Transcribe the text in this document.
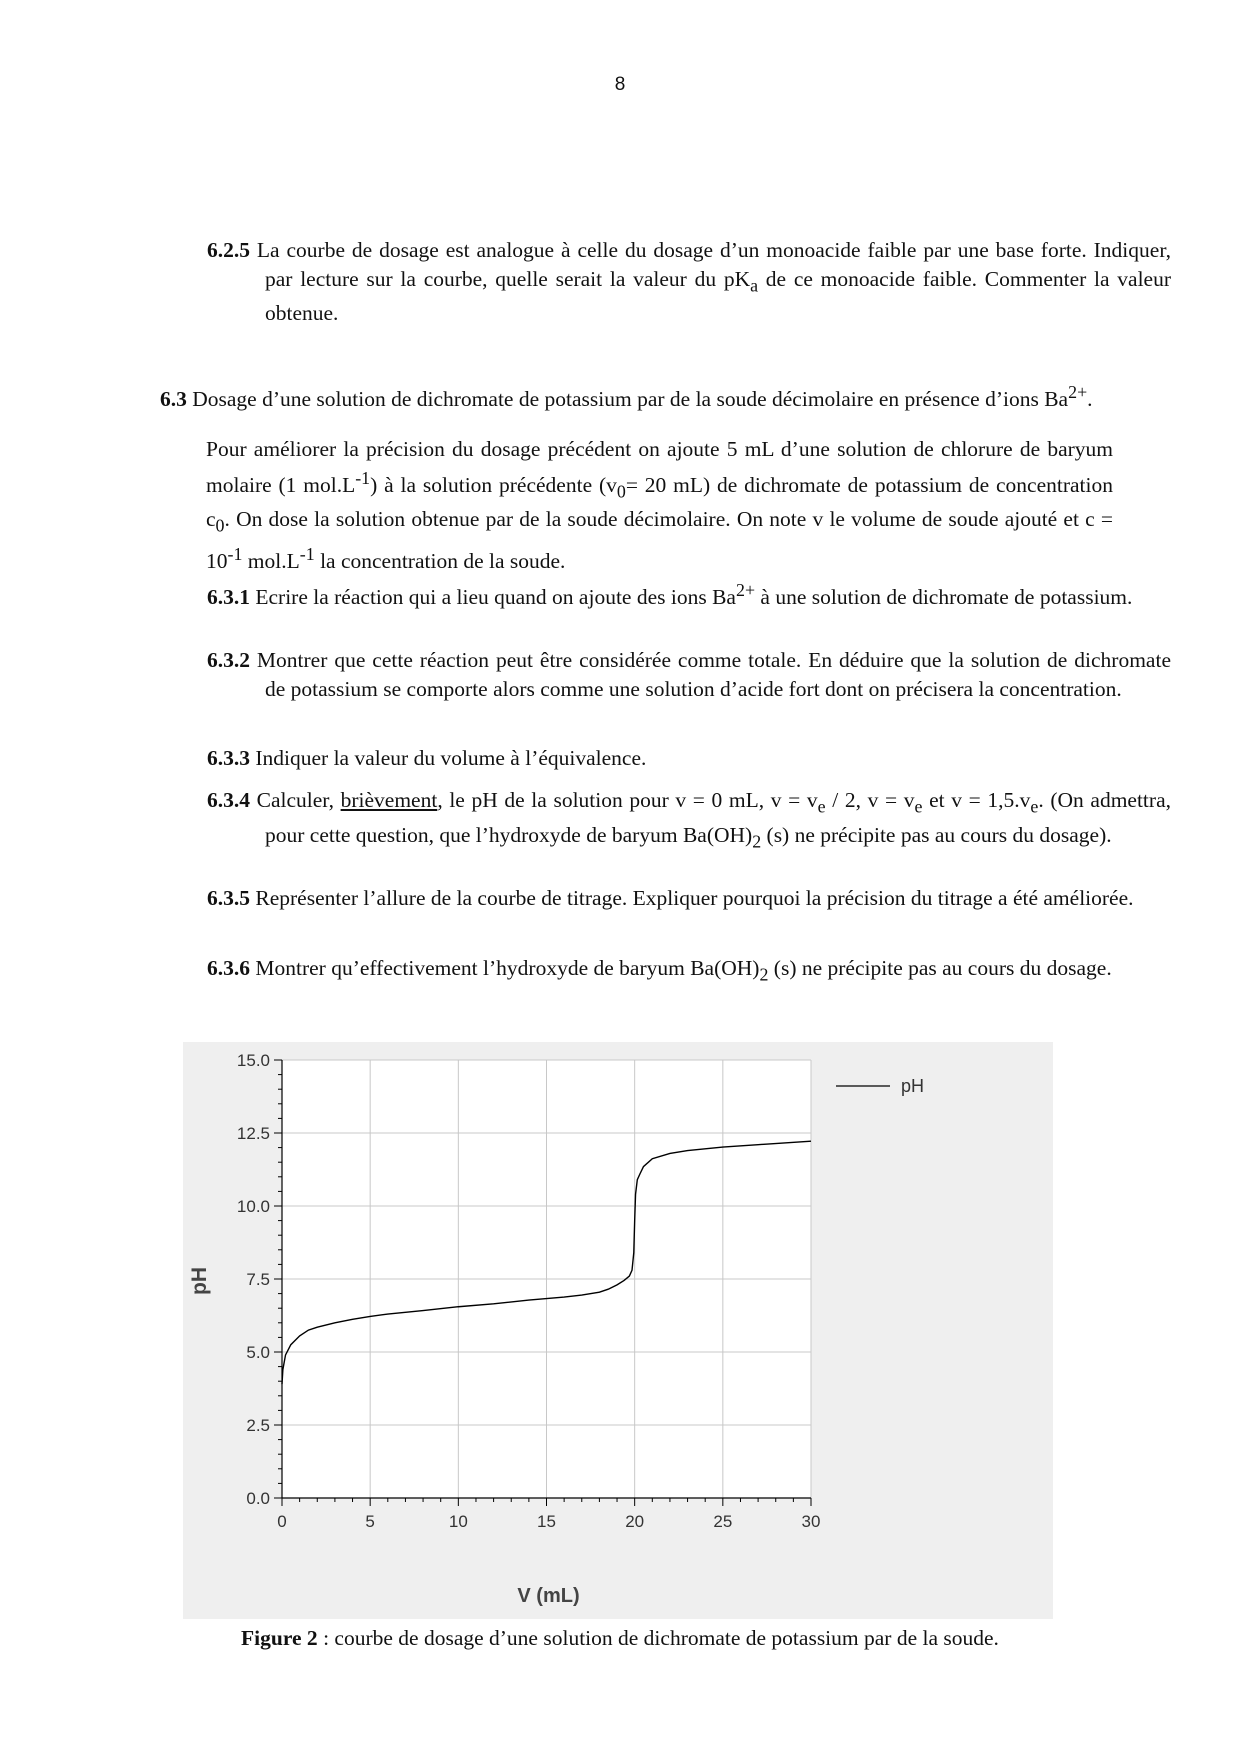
8

6.2.5 La courbe de dosage est analogue à celle du dosage d’un monoacide faible par une base forte. Indiquer, par lecture sur la courbe, quelle serait la valeur du $pK_a$ de ce monoacide faible. Commenter la valeur obtenue.

6.3 Dosage d’une solution de dichromate de potassium par de la soude décimolaire en présence d’ions $Ba^{2+}$.

Pour améliorer la précision du dosage précédent on ajoute 5 mL d’une solution de chlorure de baryum molaire (1 $mol.L^{-1}$) à la solution précédente ($v_0= 20$ mL) de dichromate de potassium de concentration $c_0$. On dose la solution obtenue par de la soude décimolaire. On note v le volume de soude ajouté et $c = 10^{-1}$ $mol.L^{-1}$ la concentration de la soude.

6.3.1 Ecrire la réaction qui a lieu quand on ajoute des ions $Ba^{2+}$ à une solution de dichromate de potassium.

6.3.2 Montrer que cette réaction peut être considérée comme totale. En déduire que la solution de dichromate de potassium se comporte alors comme une solution d’acide fort dont on précisera la concentration.

6.3.3 Indiquer la valeur du volume à l’équivalence.

6.3.4 Calculer, brièvement, le pH de la solution pour v = 0 mL, $v = v_e / 2$, $v = v_e$ et $v = 1,5.v_e$. (On admettra, pour cette question, que l’hydroxyde de baryum $Ba(OH)_2$ (s) ne précipite pas au cours du dosage).

6.3.5 Représenter l’allure de la courbe de titrage. Expliquer pourquoi la précision du titrage a été améliorée.

6.3.6 Montrer qu’effectivement l’hydroxyde de baryum $Ba(OH)_2$ (s) ne précipite pas au cours du dosage.

0.0
2.5
5.0
7.5
10.0
12.5
15.0
0	5	10	15	20	25	30
pH
V (mL)
pH
Figure 2 : courbe de dosage d’une solution de dichromate de potassium par de la soude.
